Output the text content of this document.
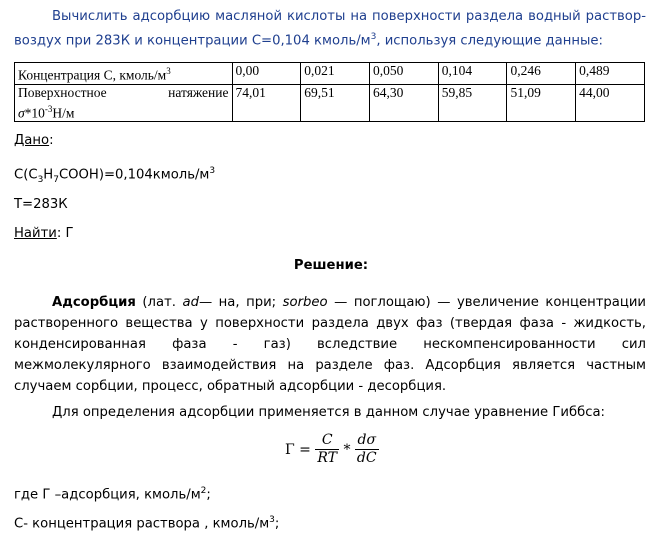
Вычислить адсорбцию масляной кислоты на поверхности раздела водный раствор- воздух при 283К и концентрации С=0,104 кмоль/$м^3$, используя следующие данные:
Концентрация С, кмоль/$м^3$	0,00	0,021	0,050	0,104	0,246	0,489

Поверхностное натяжение
$\sigma*10^{-3}Н/м$	74,01	69,51	64,30	59,85	51,09	44,00
Дано:
$С(С_3Н_7СООН)=0,104кмоль/м^3$
Т=283К
Найти: Г
Решение:
Адсорбция (лат. ad— на, при; sorbeo — поглощаю) — увеличение концентрации растворенного вещества у поверхности раздела двух фаз (твердая фаза - жидкость, конденсированная фаза - газ) вследствие нескомпенсированности сил межмолекулярного взаимодействия на разделе фаз. Адсорбция является частным случаем сорбции, процесс, обратный адсорбции - десорбция.
Для определения адсорбции применяется в данном случае уравнение Гиббса:
$\Gamma = \frac{C}{RT} * \frac{d\sigma}{dC}$
где Г –адсорбция, кмоль/$м^2$;
С- концентрация раствора , кмоль/$м^3$;
